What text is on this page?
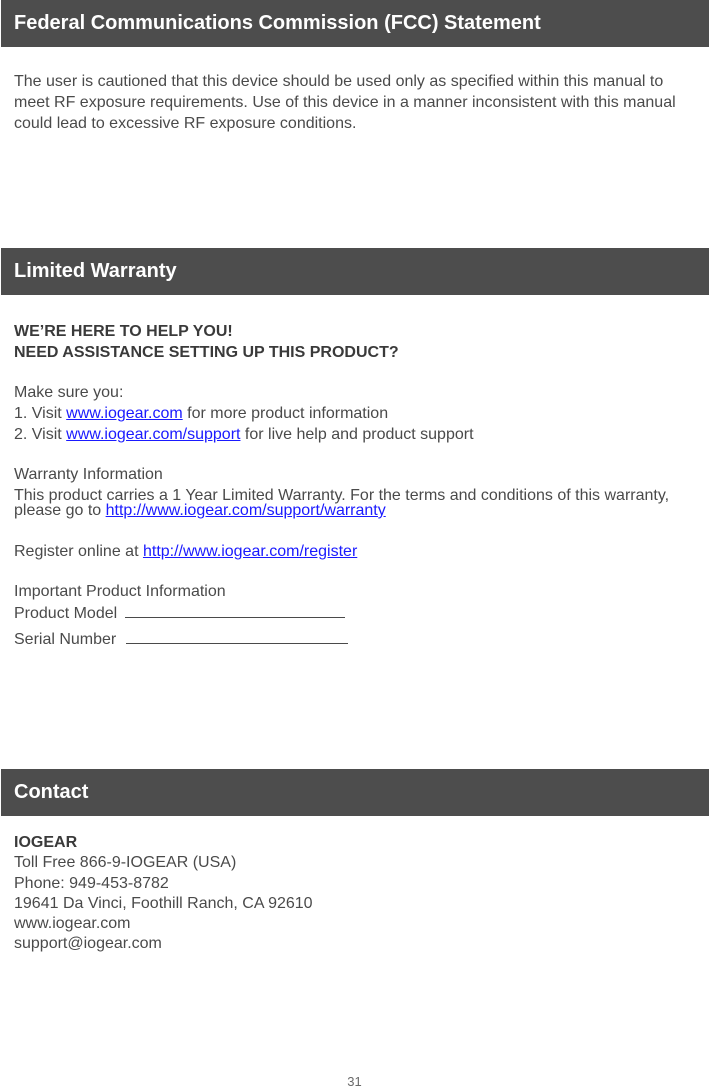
Federal Communications Commission (FCC) Statement

The user is cautioned that this device should be used only as specified within this manual to

meet RF exposure requirements. Use of this device in a manner inconsistent with this manual

could lead to excessive RF exposure conditions.

Limited Warranty

WE’RE HERE TO HELP YOU!

NEED ASSISTANCE SETTING UP THIS PRODUCT?

Make sure you:

1. Visit www.iogear.com for more product information

2. Visit www.iogear.com/support for live help and product support

Warranty Information

This product carries a 1 Year Limited Warranty. For the terms and conditions of this warranty,

please go to http://www.iogear.com/support/warranty

Register online at http://www.iogear.com/register

Important Product Information

Product Model

Serial Number

Contact

IOGEAR

Toll Free 866-9-IOGEAR (USA)

Phone: 949-453-8782

19641 Da Vinci, Foothill Ranch, CA 92610

www.iogear.com

support@iogear.com

31
